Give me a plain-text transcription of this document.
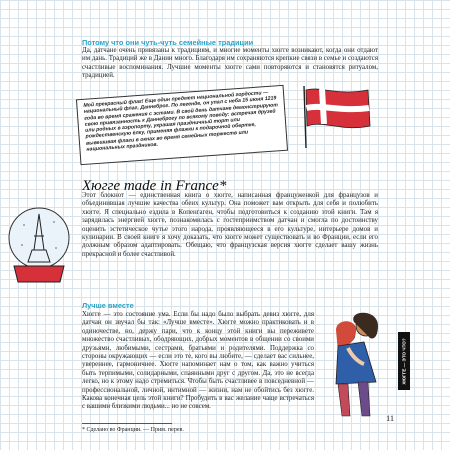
Потому что они чуть-чуть семейные традиции
Да, датчане очень привязаны к традициям, и многие моменты хюгге возникают, когда они отдают им дань. Традиций же в Дании много. Благодаря им сохраняются крепкие связи в семье и создаются счастливые воспоминания. Лучшие моменты хюгге сами повторяются и становятся ритуалом, традицией.
Мой прекрасный флаг! Еще один предмет национальной гордости — национальный флаг, Даннеброг. По легенде, он упал с неба 15 июня 1219 года во время сражения с эстами. В свой день датчане демонстрируют свою привязанность к Даннеброгу по всякому поводу: встречая друзей или родных в аэропорту, украшая праздничный торт или рождественскую ёлку, применяя флажки к подарочной обертке, вывешивая флаги в окнах во время семейных торжеств или национальных праздников.
Хюгге made in France*
Этот блокнот — единственная книга о хюгге, написанная француженкой для французов и объединившая лучшие качества обеих культур. Она поможет вам открыть для себя и полюбить хюгге. Я специально ездила в Копенгаген, чтобы подготовиться к созданию этой книги. Там я зарядилась энергией хюгге, познакомилась с гостеприимством датчан и смогла по достоинству оценить эстетическое чутье этого народа, проявляющееся в его культуре, интерьере домов и кулинарии. В своей книге я хочу доказать, что хюгге может существовать и во Франции, если его должным образом адаптировать. Обещаю, что французская версия хюгге сделает вашу жизнь прекрасной и более счастливой.
Лучше вместе
Хюгге — это состояние ума. Если бы надо было выбрать девиз хюгге, для датчан он звучал бы так: «Лучше вместе». Хюгге можно практиковать и в одиночестве, но, держу пари, что к концу этой книги вы переживете множество счастливых, ободряющих, добрых моментов в общении со своими друзьями, любимыми, сестрами, братьями и родителями. Поддержка со стороны окружающих — если это те, кого вы любите, — сделает вас сильнее, увереннее, гармоничнее. Хюгге напоминает нам о том, как важно учиться быть терпимыми, солидарными, спаянными друг с другом. Да, это не всегда легко, но к этому надо стремиться. Чтобы быть счастливее в повседневной — профессиональной, личной, интимной — жизни, нам не обойтись без хюгге. Какова конечная цель этой книги? Пробудить в вас желание чаще встречаться с вашими близкими людьми... но не совсем.
ХЮГГЕ — ЭТО ЧТО?
* Сделано во Франции. — Прим. перев.
11
